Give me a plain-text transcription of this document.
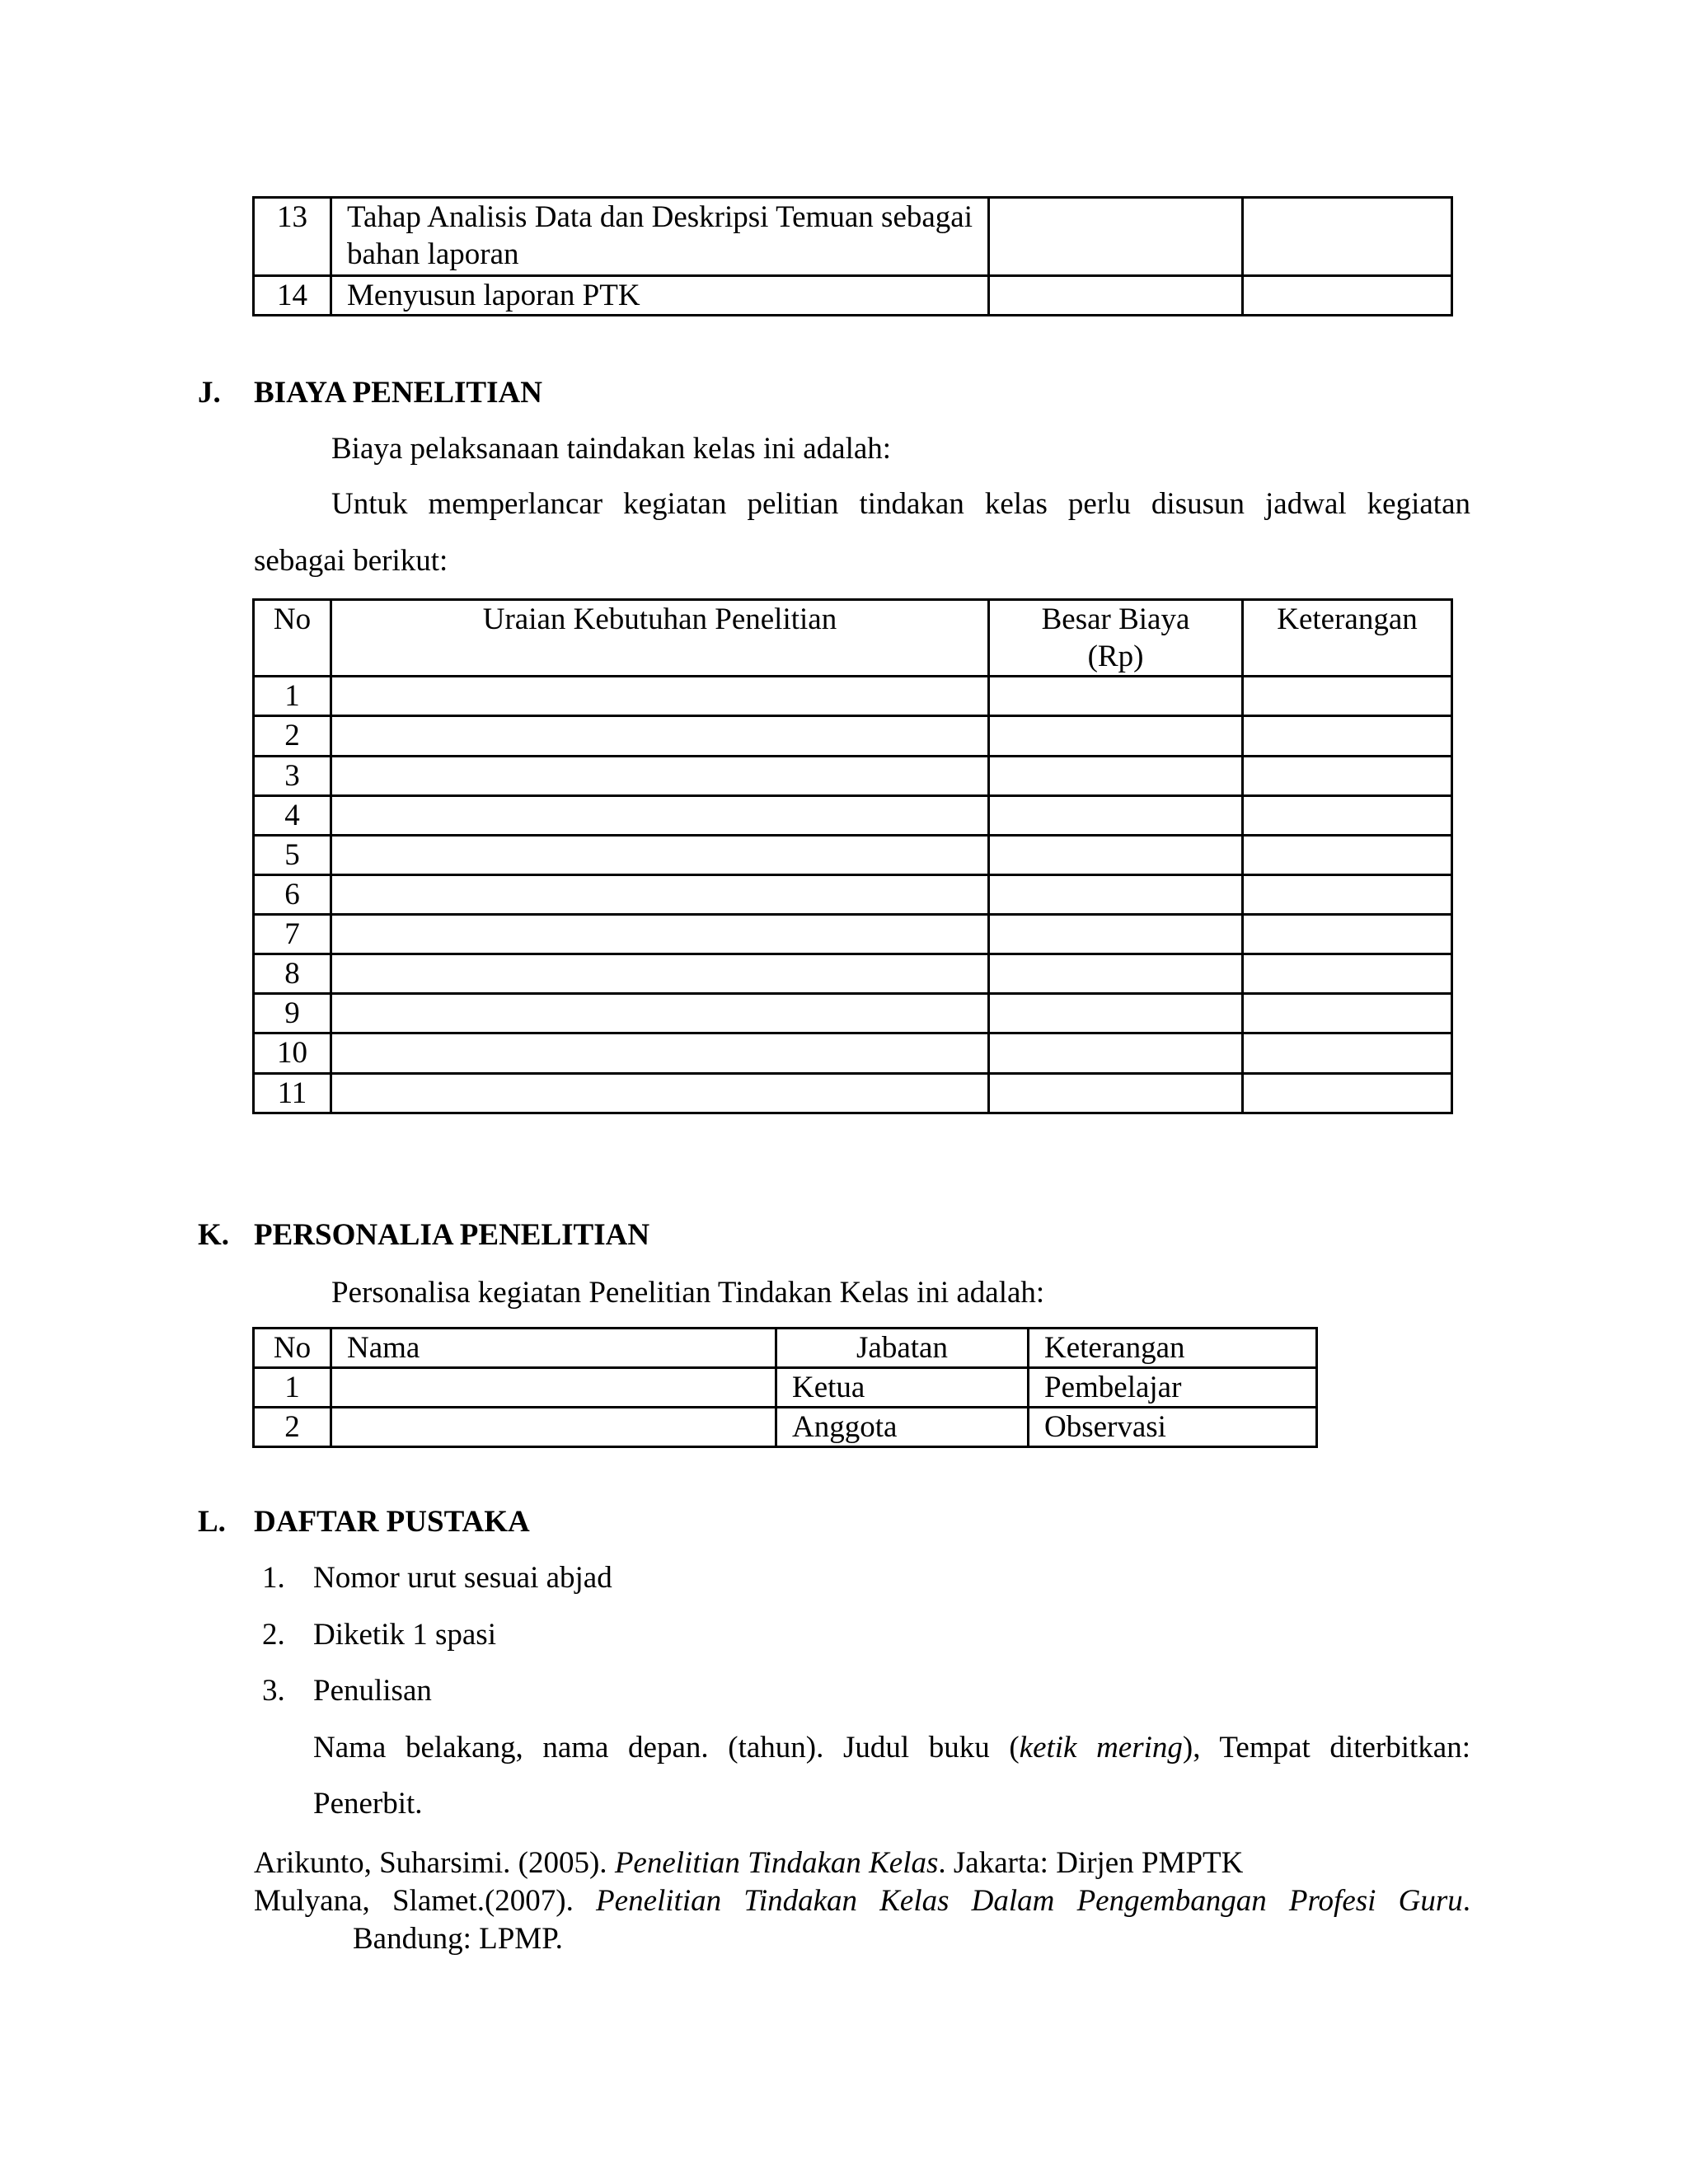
13	Tahap Analisis Data dan Deskripsi Temuan sebagai bahan laporan		
14	Menyusun laporan PTK		
J. BIAYA PENELITIAN
Biaya pelaksanaan taindakan kelas ini adalah:
Untuk memperlancar kegiatan pelitian tindakan kelas perlu disusun jadwal kegiatan
sebagai berikut:
No	Uraian Kebutuhan Penelitian	Besar Biaya (Rp)	Keterangan
1			
2			
3			
4			
5			
6			
7			
8			
9			
10			
11			
K. PERSONALIA PENELITIAN
Personalisa kegiatan Penelitian Tindakan Kelas ini adalah:
No	Nama	Jabatan	Keterangan
1		Ketua	Pembelajar
2		Anggota	Observasi
L. DAFTAR PUSTAKA
1. Nomor urut sesuai abjad
2. Diketik 1 spasi
3. Penulisan
Nama belakang, nama depan. (tahun). Judul buku (ketik mering), Tempat diterbitkan:
Penerbit.
Arikunto, Suharsimi. (2005). Penelitian Tindakan Kelas. Jakarta: Dirjen PMPTK
Mulyana, Slamet.(2007). Penelitian Tindakan Kelas Dalam Pengembangan Profesi Guru.
Bandung: LPMP.
